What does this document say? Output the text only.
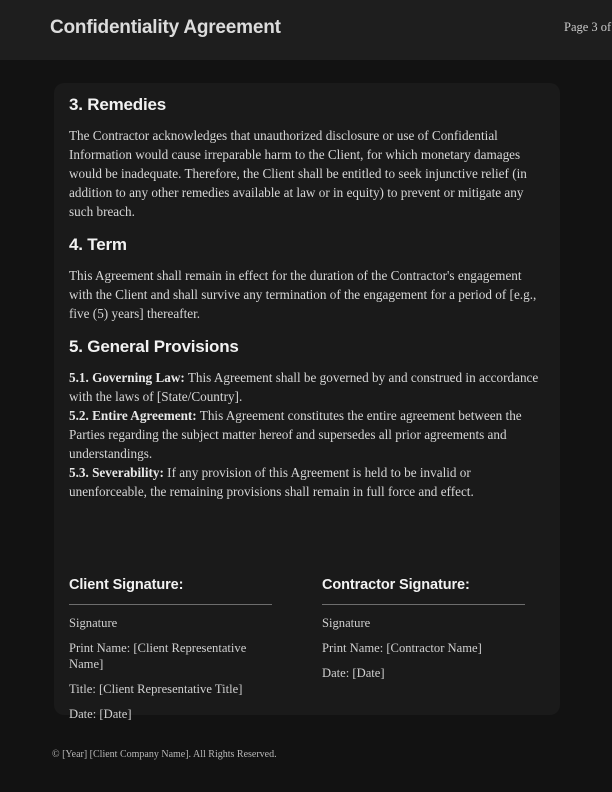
Confidentiality Agreement	Page 3 of
3. Remedies

The Contractor acknowledges that unauthorized disclosure or use of Confidential Information would cause irreparable harm to the Client, for which monetary damages would be inadequate. Therefore, the Client shall be entitled to seek injunctive relief (in addition to any other remedies available at law or in equity) to prevent or mitigate any such breach.

4. Term

This Agreement shall remain in effect for the duration of the Contractor's engagement with the Client and shall survive any termination of the engagement for a period of [e.g., five (5) years] thereafter.

5. General Provisions

5.1. Governing Law: This Agreement shall be governed by and construed in accordance with the laws of [State/Country].

5.2. Entire Agreement: This Agreement constitutes the entire agreement between the Parties regarding the subject matter hereof and supersedes all prior agreements and understandings.

5.3. Severability: If any provision of this Agreement is held to be invalid or unenforceable, the remaining provisions shall remain in full force and effect.

Client Signature:

Signature

Print Name: [Client Representative Name]

Title: [Client Representative Title]

Date: [Date]

Contractor Signature:

Signature

Print Name: [Contractor Name]

Date: [Date]

© [Year] [Client Company Name]. All Rights Reserved.
